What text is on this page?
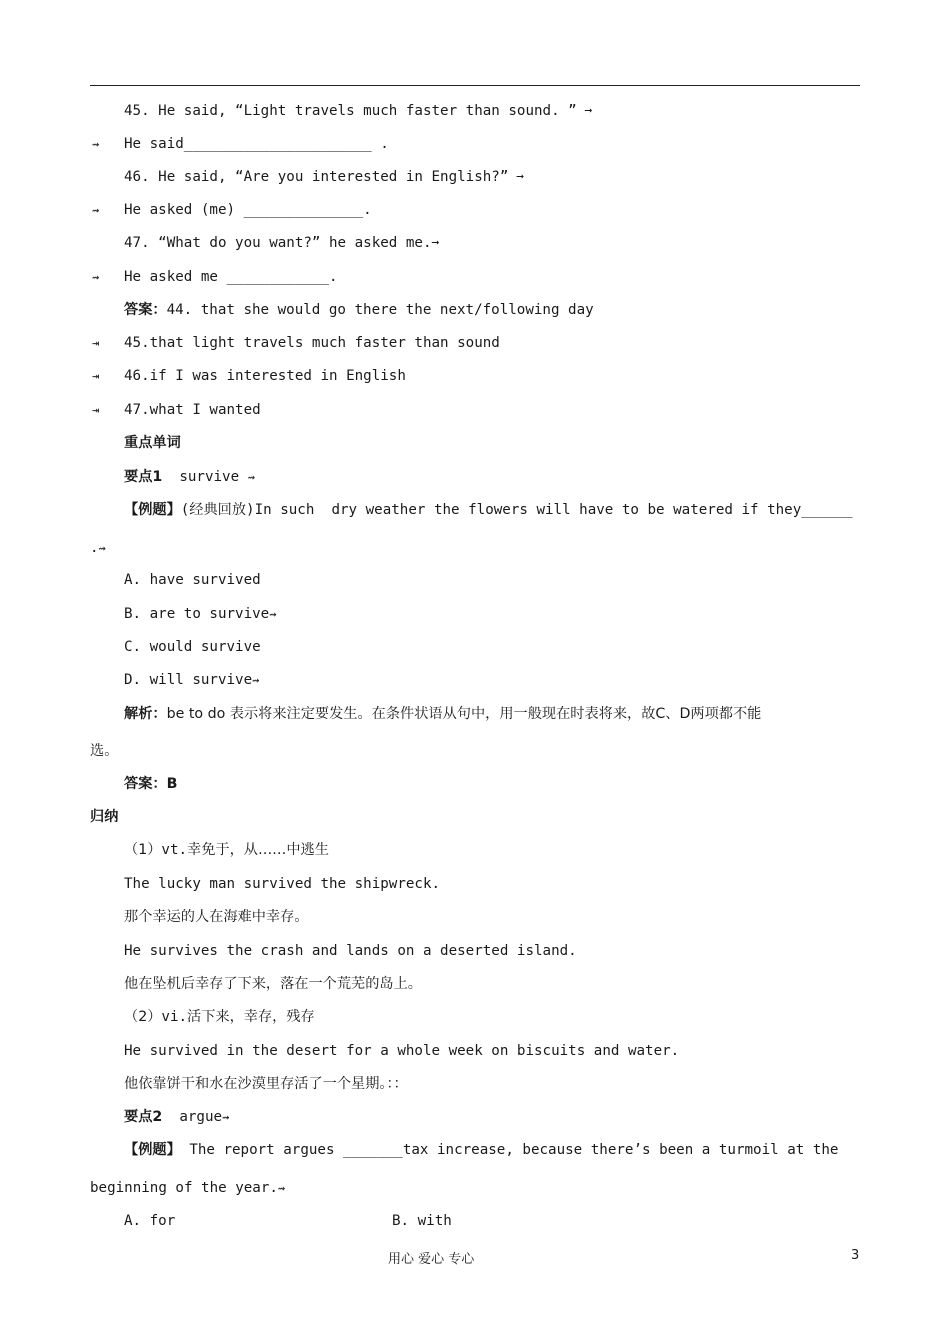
45. He said, “Light travels much faster than sound. ” ➞
⇝ He said______________________ .
46. He said, “Are you interested in English?” ➞
⇝ He asked (me) ______________.
47. “What do you want?” he asked me.➞
⇝ He asked me ____________.
答案：44. that she would go there the next/following day
⇥ 45.that light travels much faster than sound
⇥ 46.if I was interested in English
⇥ 47.what I wanted
重点单词
要点1 survive ⇝
【例题】(经典回放)In such  dry weather the flowers will have to be watered if they______
.⇝
A. have survived
B. are to survive⇝
C. would survive
D. will survive⇝
解析：be to do 表示将来注定要发生。在条件状语从句中，用一般现在时表将来，故C、D两项都不能
选。
答案：B
归纳
（1）vt.幸免于，从……中逃生
The lucky man survived the shipwreck.
那个幸运的人在海难中幸存。
He survives the crash and lands on a deserted island.
他在坠机后幸存了下来，落在一个荒芜的岛上。
（2）vi.活下来，幸存，残存
He survived in the desert for a whole week on biscuits and water.
他依靠饼干和水在沙漠里存活了一个星期。：：
要点2 argue⇝
【例题】 The report argues _______tax increase, because there’s been a turmoil at the
beginning of the year.⇝
A. for	B. with
用心 爱心 专心	3
